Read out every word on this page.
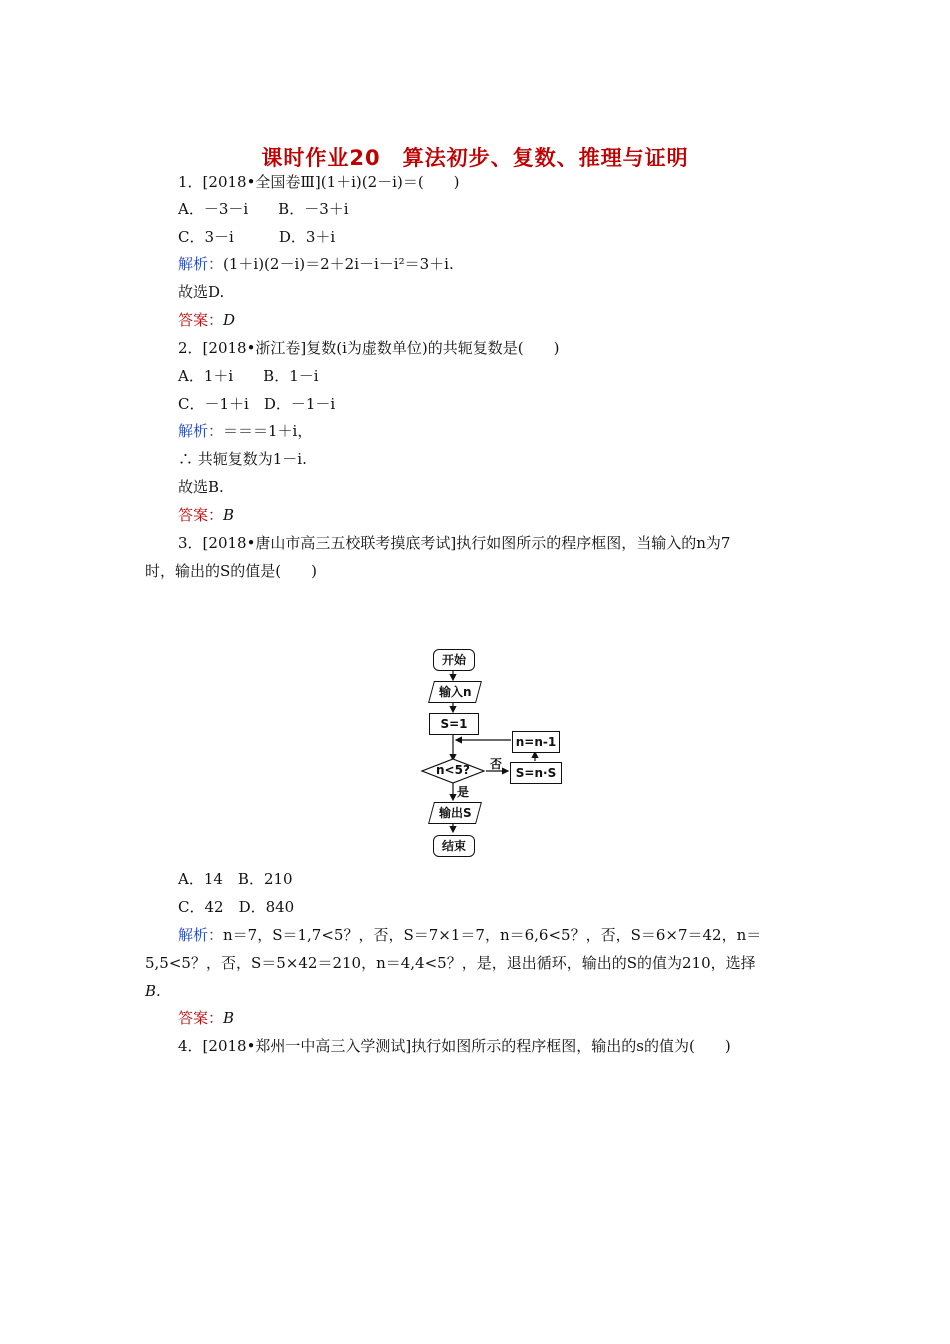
课时作业20　算法初步、复数、推理与证明
1．[2018•全国卷Ⅲ](1＋i)(2－i)＝(　　)
A．－3－i　　B．－3＋i
C．3－i　　　D．3＋i
解析：(1＋i)(2－i)＝2＋2i－i－i²＝3＋i.
故选D.
答案：D
2．[2018•浙江卷]复数(i为虚数单位)的共轭复数是(　　)
A．1＋i　　B．1－i
C．－1＋i　D．－1－i
解析：＝＝＝1＋i，
∴ 共轭复数为1－i.
故选B.
答案：B
3．[2018•唐山市高三五校联考摸底考试]执行如图所示的程序框图，当输入的n为7
时，输出的S的值是(　　)
开始
输入n
S=1
n=n-1
n<5? 否
S=n·S
是
输出S
结束
A．14　B．210
C．42　D．840
解析：n＝7，S＝1,7<5？，否，S＝7×1＝7，n＝6,6<5？，否，S＝6×7＝42，n＝
5,5<5？，否，S＝5×42＝210，n＝4,4<5？，是，退出循环，输出的S的值为210，选择
B.
答案：B
4．[2018•郑州一中高三入学测试]执行如图所示的程序框图，输出的s的值为(　　)
